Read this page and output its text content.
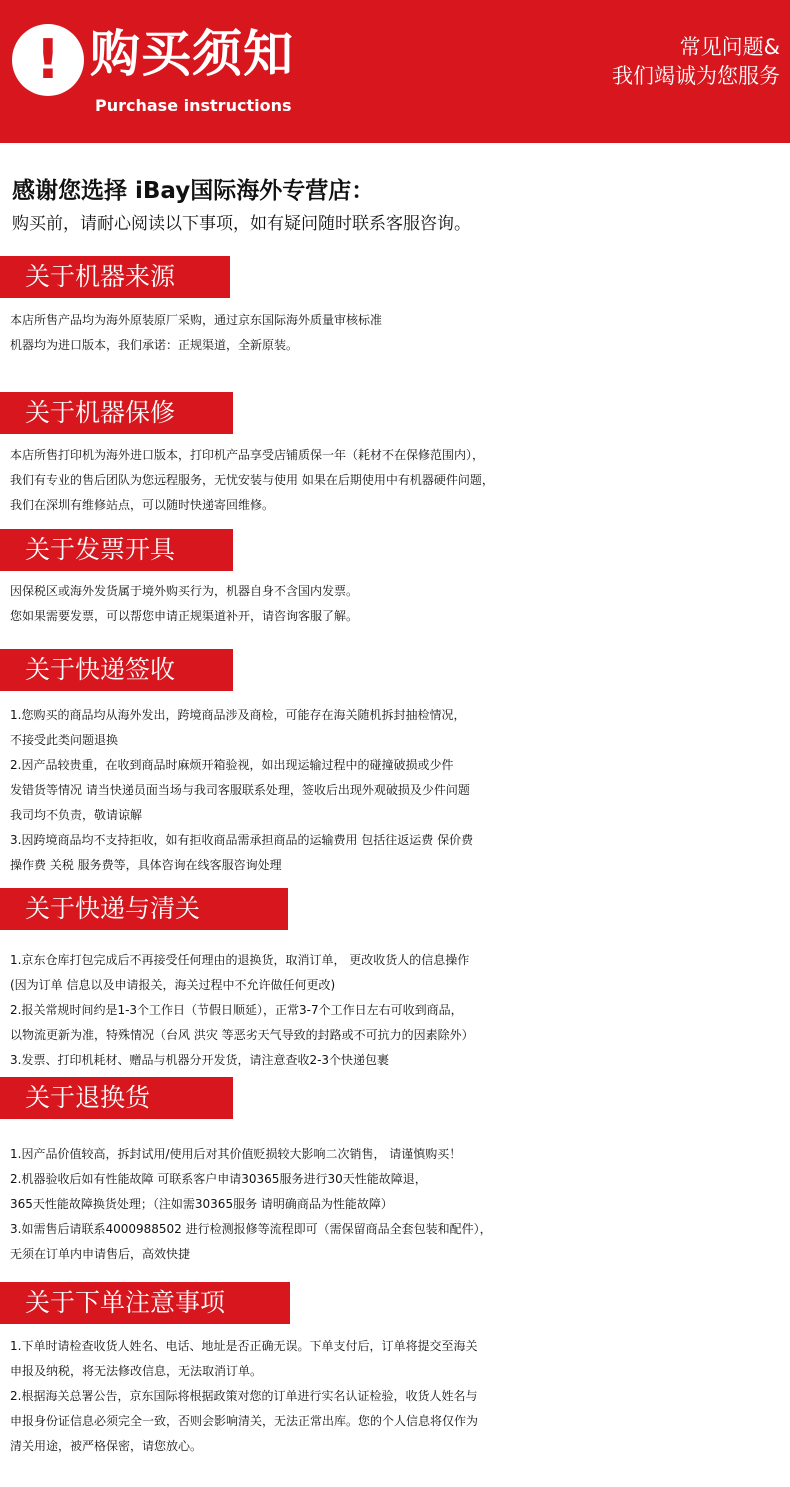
! 购买须知
Purchase instructions
常见问题&
我们竭诚为您服务
感谢您选择 iBay国际海外专营店：
购买前，请耐心阅读以下事项，如有疑问随时联系客服咨询。
关于机器来源
本店所售产品均为海外原装原厂采购，通过京东国际海外质量审核标准
机器均为进口版本，我们承诺：正规渠道，全新原装。
关于机器保修
本店所售打印机为海外进口版本，打印机产品享受店铺质保一年（耗材不在保修范围内），
我们有专业的售后团队为您远程服务，无忧安装与使用 如果在后期使用中有机器硬件问题，
我们在深圳有维修站点，可以随时快递寄回维修。
关于发票开具
因保税区或海外发货属于境外购买行为，机器自身不含国内发票。
您如果需要发票，可以帮您申请正规渠道补开，请咨询客服了解。
关于快递签收
1.您购买的商品均从海外发出，跨境商品涉及商检，可能存在海关随机拆封抽检情况，
不接受此类问题退换
2.因产品较贵重，在收到商品时麻烦开箱验视，如出现运输过程中的碰撞破损或少件
发错货等情况 请当快递员面当场与我司客服联系处理，签收后出现外观破损及少件问题
我司均不负责，敬请谅解
3.因跨境商品均不支持拒收，如有拒收商品需承担商品的运输费用 包括往返运费 保价费
操作费 关税 服务费等，具体咨询在线客服咨询处理
关于快递与清关
1.京东仓库打包完成后不再接受任何理由的退换货，取消订单， 更改收货人的信息操作
(因为订单 信息以及申请报关，海关过程中不允许做任何更改)
2.报关常规时间约是1-3个工作日（节假日顺延），正常3-7个工作日左右可收到商品，
以物流更新为准，特殊情况（台风 洪灾 等恶劣天气导致的封路或不可抗力的因素除外）
3.发票、打印机耗材、赠品与机器分开发货，请注意查收2-3个快递包裹
关于退换货
1.因产品价值较高，拆封试用/使用后对其价值贬损较大影响二次销售， 请谨慎购买！
2.机器验收后如有性能故障 可联系客户申请30365服务进行30天性能故障退，
365天性能故障换货处理；（注如需30365服务 请明确商品为性能故障）
3.如需售后请联系4000988502 进行检测报修等流程即可（需保留商品全套包装和配件），
无须在订单内申请售后，高效快捷
关于下单注意事项
1.下单时请检查收货人姓名、电话、地址是否正确无误。下单支付后，订单将提交至海关
申报及纳税，将无法修改信息，无法取消订单。
2.根据海关总署公告，京东国际将根据政策对您的订单进行实名认证检验，收货人姓名与
申报身份证信息必须完全一致，否则会影响清关，无法正常出库。您的个人信息将仅作为
清关用途，被严格保密，请您放心。
